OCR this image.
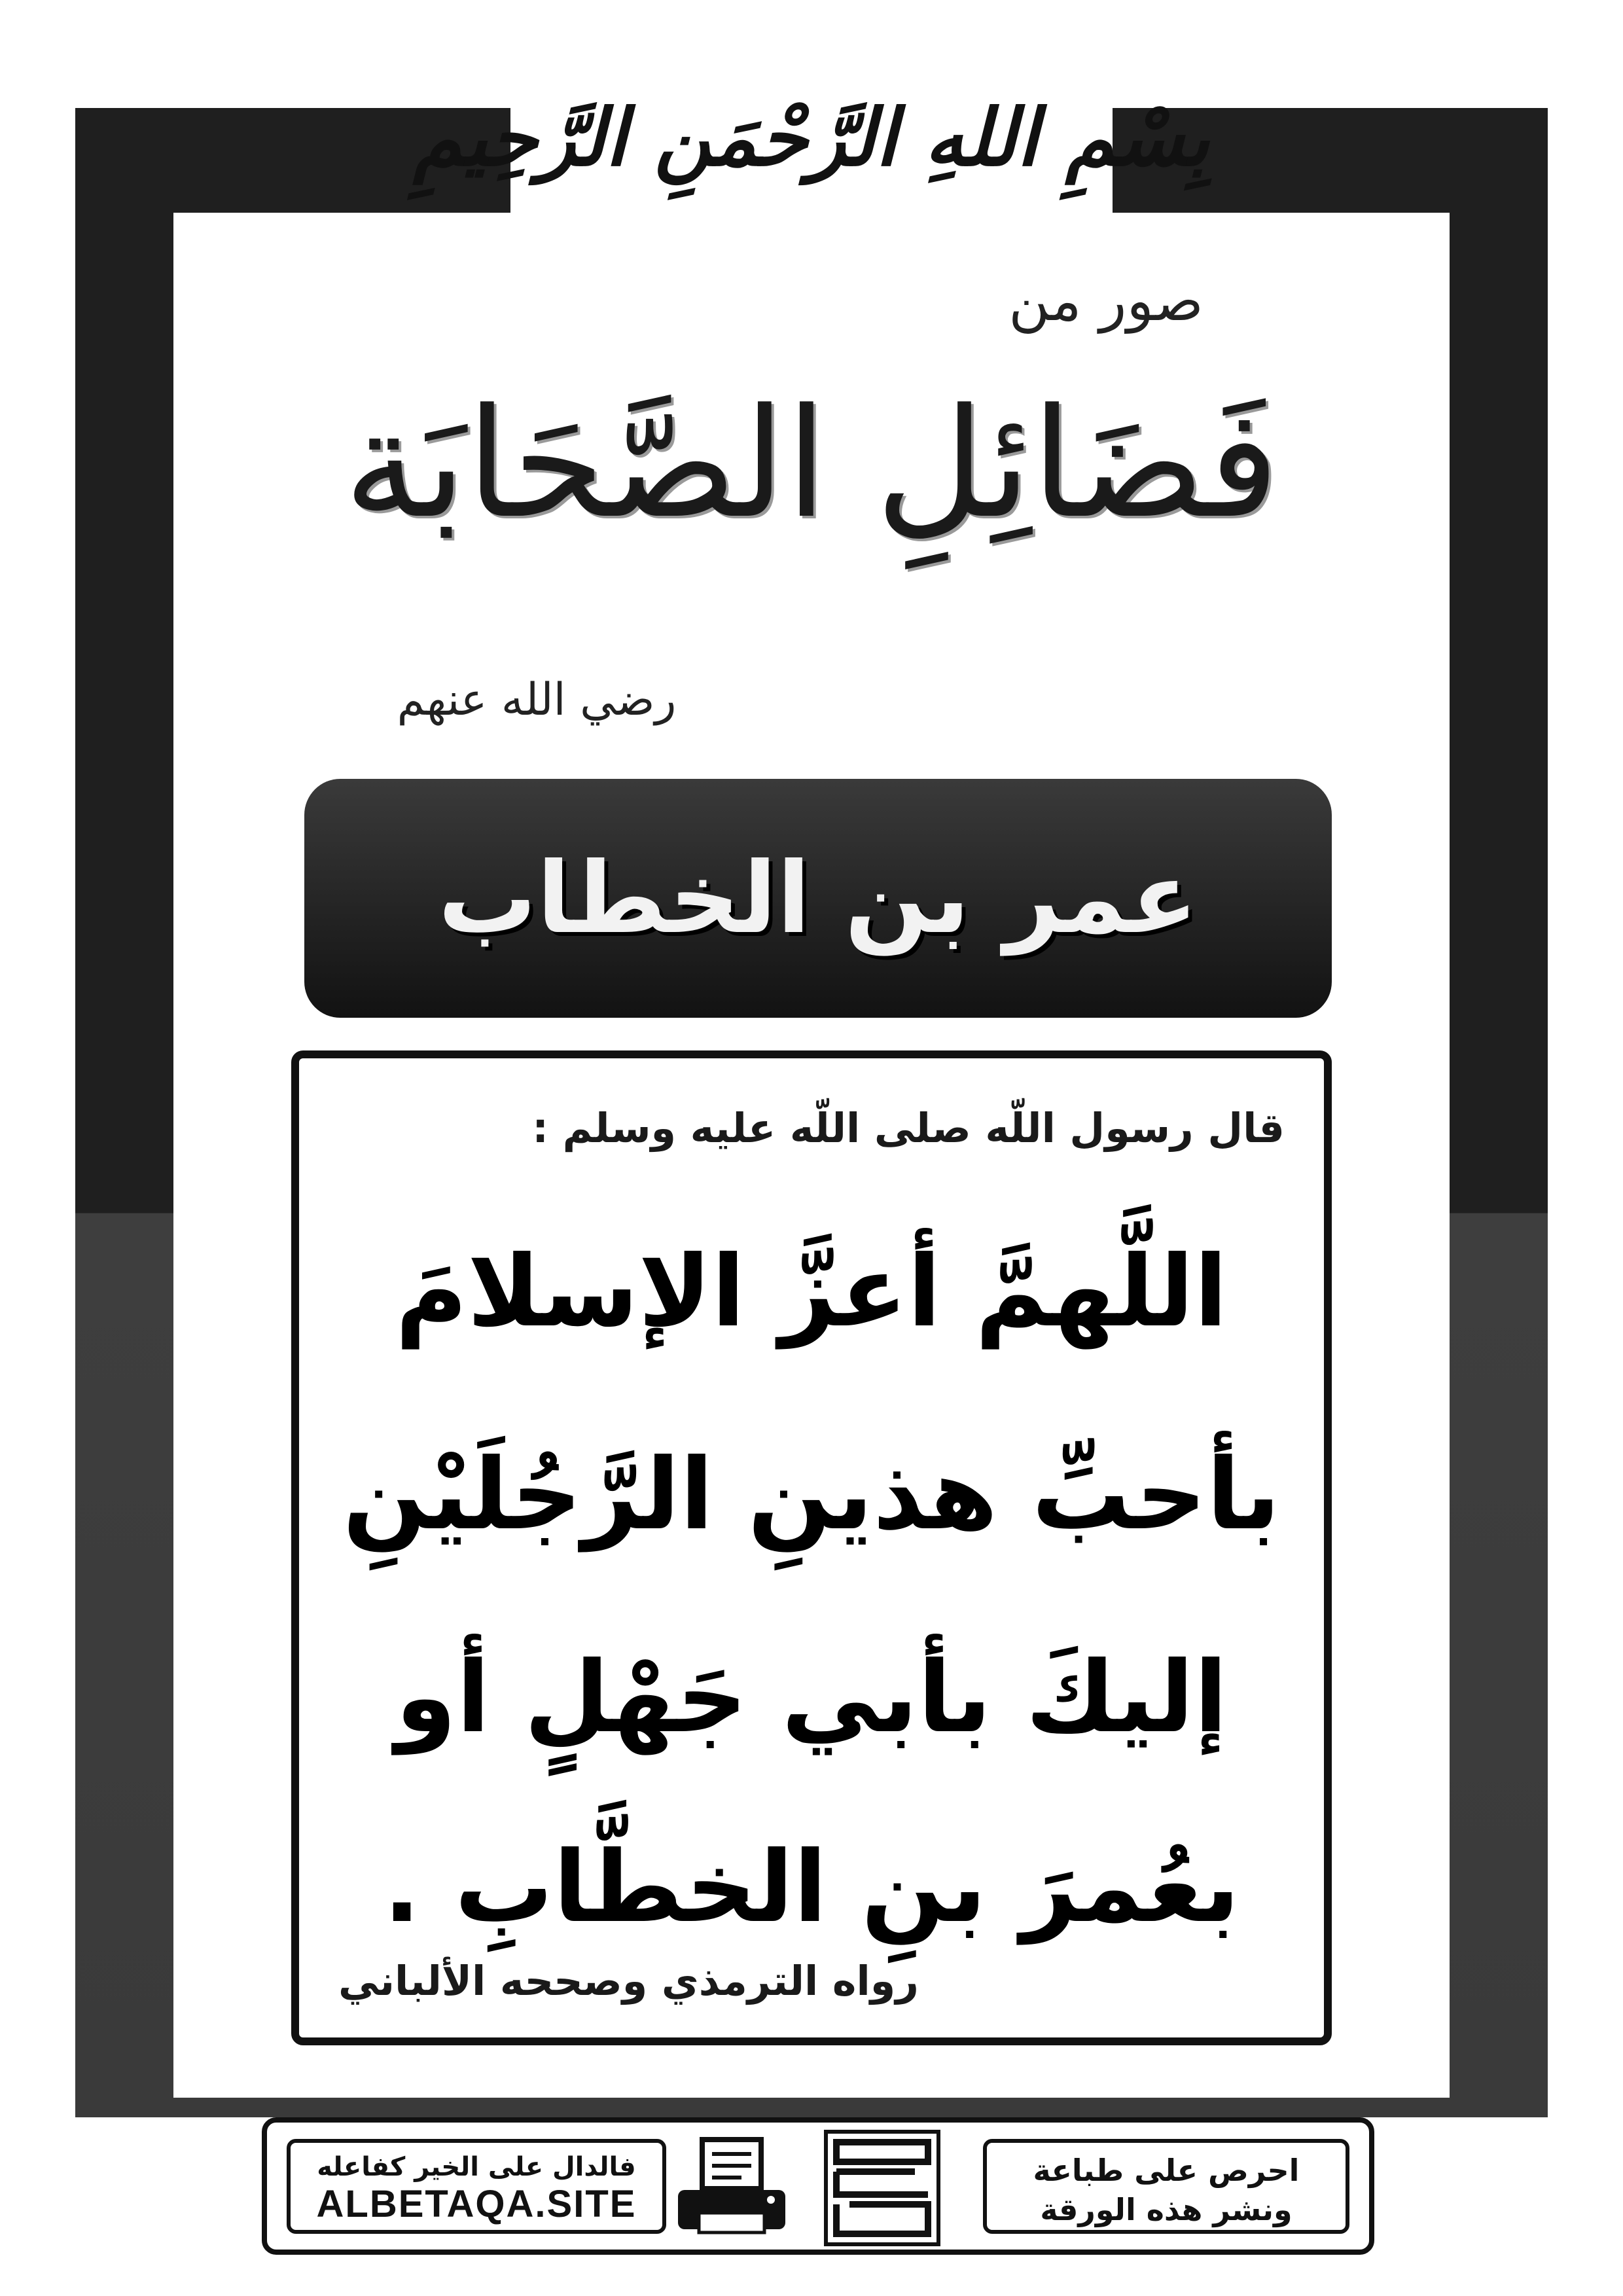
بِسْمِ اللهِ الرَّحْمَنِ الرَّحِيمِ
صور من
فَضَائِلِ الصَّحَابَة
رضي الله عنهم
عمر بن الخطاب
قال رسول اللّه صلى اللّه عليه وسلم :
اللَّهمَّ أعزَّ الإسلامَ
بأحبِّ هذينِ الرَّجُلَيْنِ
إليكَ بأبي جَهْلٍ أو
بعُمرَ بنِ الخطَّابِ .
رواه الترمذي وصححه الألباني
فالدال على الخير كفاعله
ALBETAQA.SITE
احرص على طباعة
ونشر هذه الورقة
